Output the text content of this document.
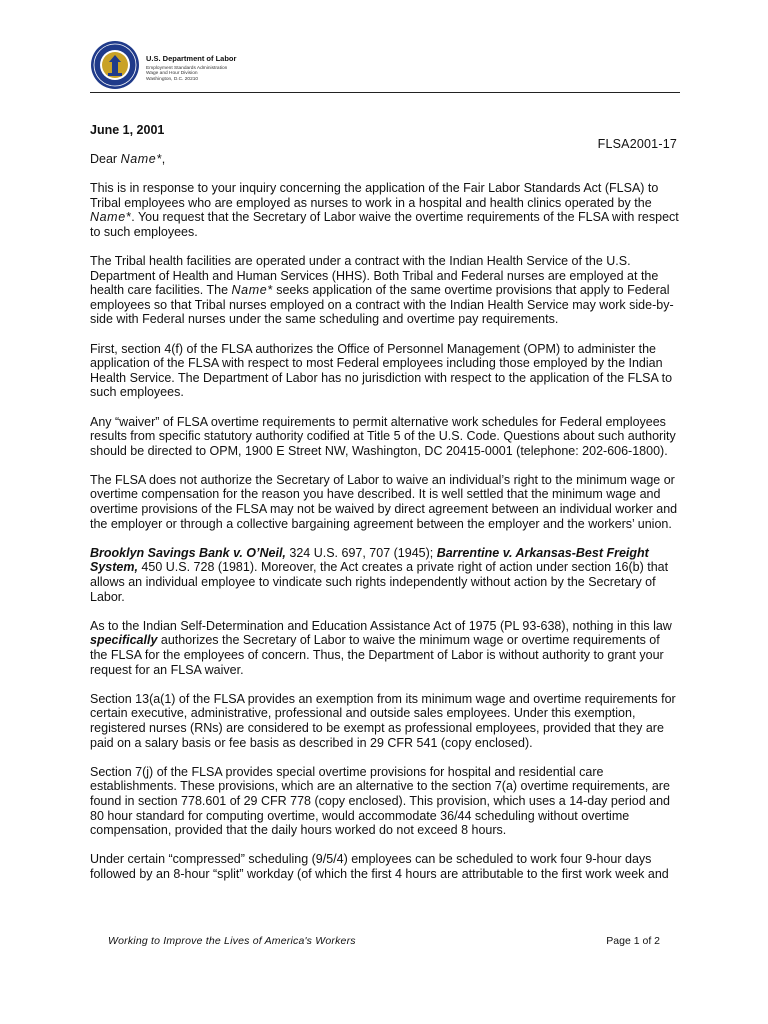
U.S. Department of Labor
Employment Standards Administration
Wage and Hour Division
Washington, D.C. 20210
June 1, 2001
FLSA2001-17
Dear Name*,

This is in response to your inquiry concerning the application of the Fair Labor Standards Act (FLSA) to Tribal employees who are employed as nurses to work in a hospital and health clinics operated by the Name*. You request that the Secretary of Labor waive the overtime requirements of the FLSA with respect to such employees.

The Tribal health facilities are operated under a contract with the Indian Health Service of the U.S. Department of Health and Human Services (HHS). Both Tribal and Federal nurses are employed at the health care facilities. The Name* seeks application of the same overtime provisions that apply to Federal employees so that Tribal nurses employed on a contract with the Indian Health Service may work side-by-side with Federal nurses under the same scheduling and overtime pay requirements.

First, section 4(f) of the FLSA authorizes the Office of Personnel Management (OPM) to administer the application of the FLSA with respect to most Federal employees including those employed by the Indian Health Service. The Department of Labor has no jurisdiction with respect to the application of the FLSA to such employees.

Any “waiver” of FLSA overtime requirements to permit alternative work schedules for Federal employees results from specific statutory authority codified at Title 5 of the U.S. Code. Questions about such authority should be directed to OPM, 1900 E Street NW, Washington, DC 20415-0001 (telephone: 202-606-1800).

The FLSA does not authorize the Secretary of Labor to waive an individual’s right to the minimum wage or overtime compensation for the reason you have described. It is well settled that the minimum wage and overtime provisions of the FLSA may not be waived by direct agreement between an individual worker and the employer or through a collective bargaining agreement between the employer and the workers’ union.

Brooklyn Savings Bank v. O’Neil, 324 U.S. 697, 707 (1945); Barrentine v. Arkansas-Best Freight System, 450 U.S. 728 (1981). Moreover, the Act creates a private right of action under section 16(b) that allows an individual employee to vindicate such rights independently without action by the Secretary of Labor.

As to the Indian Self-Determination and Education Assistance Act of 1975 (PL 93-638), nothing in this law specifically authorizes the Secretary of Labor to waive the minimum wage or overtime requirements of the FLSA for the employees of concern. Thus, the Department of Labor is without authority to grant your request for an FLSA waiver.

Section 13(a(1) of the FLSA provides an exemption from its minimum wage and overtime requirements for certain executive, administrative, professional and outside sales employees. Under this exemption, registered nurses (RNs) are considered to be exempt as professional employees, provided that they are paid on a salary basis or fee basis as described in 29 CFR 541 (copy enclosed).

Section 7(j) of the FLSA provides special overtime provisions for hospital and residential care establishments. These provisions, which are an alternative to the section 7(a) overtime requirements, are found in section 778.601 of 29 CFR 778 (copy enclosed). This provision, which uses a 14-day period and 80 hour standard for computing overtime, would accommodate 36/44 scheduling without overtime compensation, provided that the daily hours worked do not exceed 8 hours.

Under certain “compressed” scheduling (9/5/4) employees can be scheduled to work four 9-hour days followed by an 8-hour “split” workday (of which the first 4 hours are attributable to the first work week and

Working to Improve the Lives of America's Workers	Page 1 of 2
